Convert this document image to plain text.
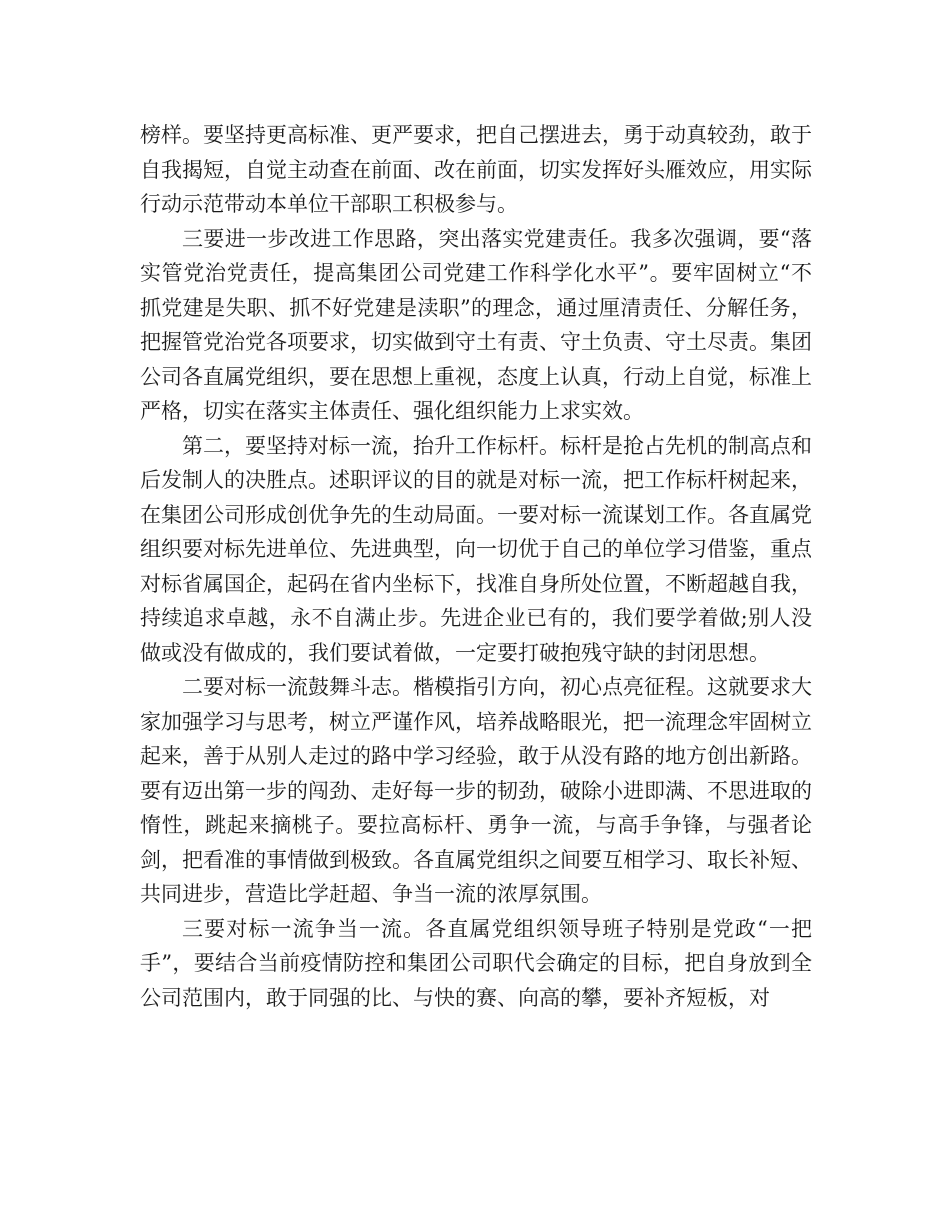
榜样。要坚持更高标准、更严要求，把自己摆进去，勇于动真较劲，敢于自我揭短，自觉主动查在前面、改在前面，切实发挥好头雁效应，用实际行动示范带动本单位干部职工积极参与。

三要进一步改进工作思路，突出落实党建责任。我多次强调，要“落实管党治党责任，提高集团公司党建工作科学化水平”。要牢固树立“不抓党建是失职、抓不好党建是渎职”的理念，通过厘清责任、分解任务，把握管党治党各项要求，切实做到守土有责、守土负责、守土尽责。集团公司各直属党组织，要在思想上重视，态度上认真，行动上自觉，标准上严格，切实在落实主体责任、强化组织能力上求实效。

第二，要坚持对标一流，抬升工作标杆。标杆是抢占先机的制高点和后发制人的决胜点。述职评议的目的就是对标一流，把工作标杆树起来，在集团公司形成创优争先的生动局面。一要对标一流谋划工作。各直属党组织要对标先进单位、先进典型，向一切优于自己的单位学习借鉴，重点对标省属国企，起码在省内坐标下，找准自身所处位置，不断超越自我，持续追求卓越，永不自满止步。先进企业已有的，我们要学着做;别人没做或没有做成的，我们要试着做，一定要打破抱残守缺的封闭思想。

二要对标一流鼓舞斗志。楷模指引方向，初心点亮征程。这就要求大家加强学习与思考，树立严谨作风，培养战略眼光，把一流理念牢固树立起来，善于从别人走过的路中学习经验，敢于从没有路的地方创出新路。要有迈出第一步的闯劲、走好每一步的韧劲，破除小进即满、不思进取的惰性，跳起来摘桃子。要拉高标杆、勇争一流，与高手争锋，与强者论剑，把看准的事情做到极致。各直属党组织之间要互相学习、取长补短、共同进步，营造比学赶超、争当一流的浓厚氛围。

三要对标一流争当一流。各直属党组织领导班子特别是党政“一把手”，要结合当前疫情防控和集团公司职代会确定的目标，把自身放到全公司范围内，敢于同强的比、与快的赛、向高的攀，要补齐短板，对
